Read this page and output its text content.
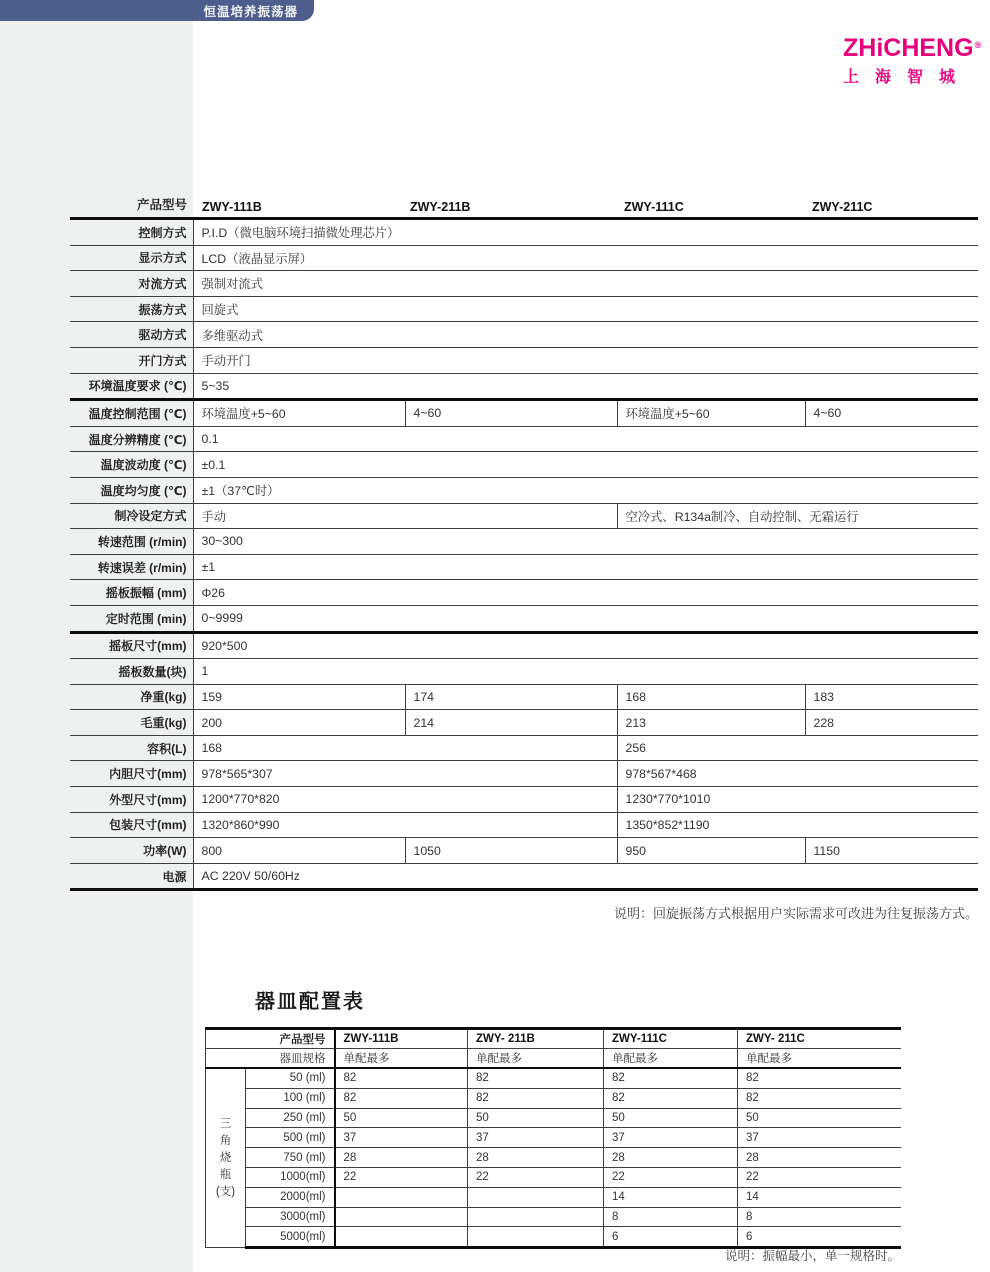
恒温培养振荡器
ZHiCHENG®
上海智城
产品型号 ZWY-111B	ZWY-211B	ZWY-111C	ZWY-211C
控制方式	P.I.D（微电脑环境扫描微处理芯片）			
显示方式	LCD（液晶显示屏）			
对流方式	强制对流式			
振荡方式	回旋式			
驱动方式	多维驱动式			
开门方式	手动开门			
环境温度要求 (℃)	5~35			
温度控制范围 (℃)	环境温度+5~60	4~60	环境温度+5~60	4~60
温度分辨精度 (℃)	0.1			
温度波动度 (℃)	±0.1			
温度均匀度 (℃)	±1（37℃时）			
制冷设定方式	手动		空冷式、R134a制冷、自动控制、无霜运行	
转速范围 (r/min)	30~300			
转速误差 (r/min)	±1			
摇板振幅 (mm)	Φ26			
定时范围 (min)	0~9999			
摇板尺寸(mm)	920*500			
摇板数量(块)	1			
净重(kg)	159	174	168	183
毛重(kg)	200	214	213	228
容积(L)	168		256	
内胆尺寸(mm)	978*565*307		978*567*468	
外型尺寸(mm)	1200*770*820		1230*770*1010	
包装尺寸(mm)	1320*860*990		1350*852*1190	
功率(W)	800	1050	950	1150
电源	AC 220V 50/60Hz			
说明：回旋振荡方式根据用户实际需求可改进为往复振荡方式。
器皿配置表
产品型号		ZWY-111B	ZWY- 211B	ZWY-111C	ZWY- 211C
器皿规格		单配最多	单配最多	单配最多	单配最多

三
角
烧
瓶
(支)	50 (ml)	82	82	82	82
	100 (ml)	82	82	82	82
	250 (ml)	50	50	50	50
	500 (ml)	37	37	37	37
	750 (ml)	28	28	28	28
	1000(ml)	22	22	22	22
	2000(ml)			14	14
	3000(ml)			8	8
	5000(ml)			6	6
说明：振幅最小，单一规格时。
